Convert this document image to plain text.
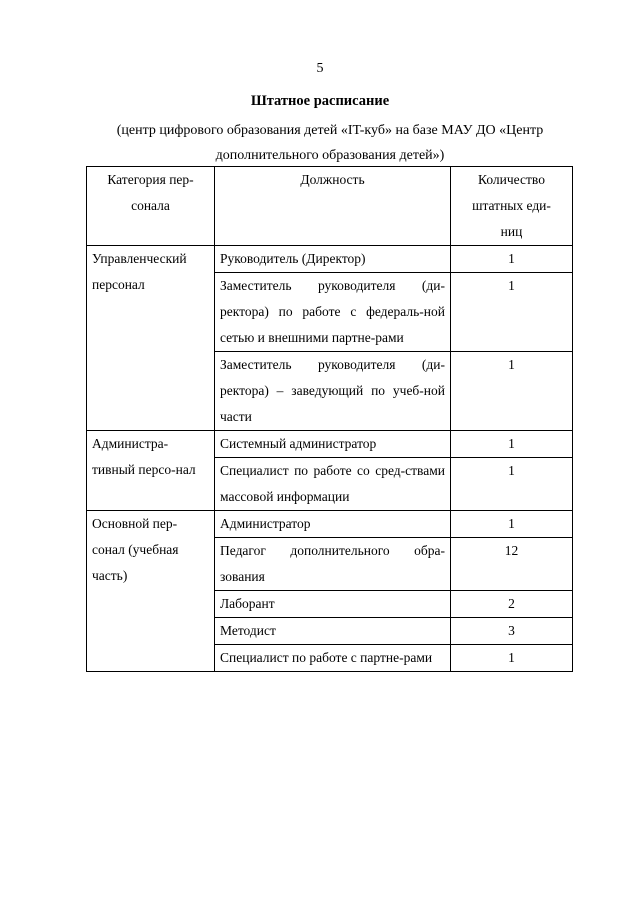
5
Штатное расписание
(центр цифрового образования детей «IT-куб» на базе МАУ ДО «Центр дополнительного образования детей»)
Категория пер-сонала	Должность	Количество штатных еди-ниц
Управленческий персонал	Руководитель (Директор)	1
	Заместитель руководителя (ди-ректора) по работе с федераль-ной сетью и внешними партне-рами	1
	Заместитель руководителя (ди-ректора) – заведующий по учеб-ной части	1
Администра-тивный персо-нал	Системный администратор	1
	Специалист по работе со сред-ствами массовой информации	1
Основной пер-сонал (учебная часть)	Администратор	1
	Педагог дополнительного обра-зования	12
	Лаборант	2
	Методист	3
	Специалист по работе с партне-рами	1
